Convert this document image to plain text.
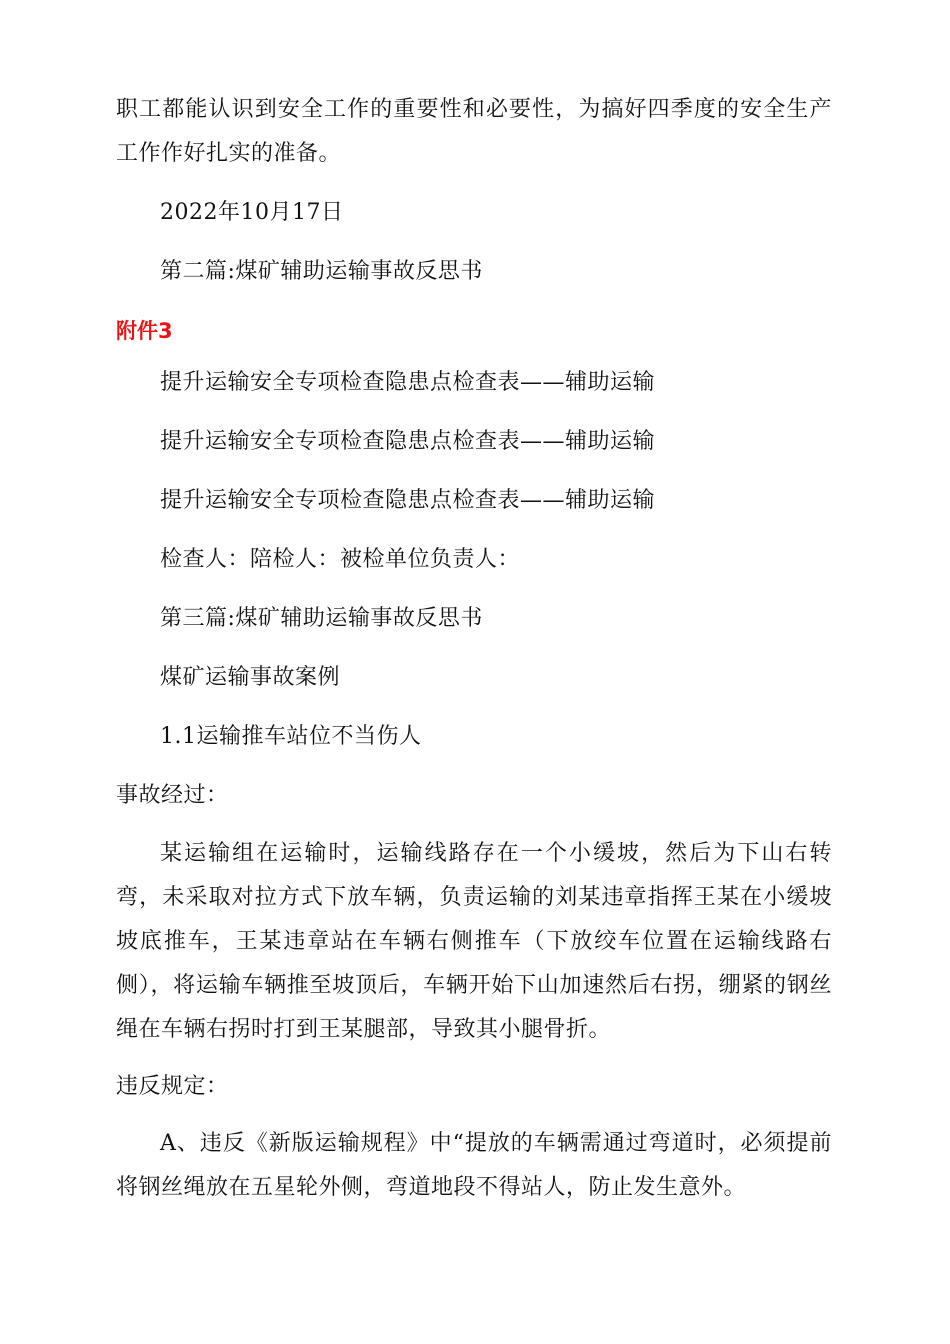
职工都能认识到安全工作的重要性和必要性，为搞好四季度的安全生产工作作好扎实的准备。
2022年10月17日
第二篇:煤矿辅助运输事故反思书
附件3
提升运输安全专项检查隐患点检查表——辅助运输
提升运输安全专项检查隐患点检查表——辅助运输
提升运输安全专项检查隐患点检查表——辅助运输
检查人：陪检人：被检单位负责人：
第三篇:煤矿辅助运输事故反思书
煤矿运输事故案例
1.1运输推车站位不当伤人
事故经过：
某运输组在运输时，运输线路存在一个小缓坡，然后为下山右转弯，未采取对拉方式下放车辆，负责运输的刘某违章指挥王某在小缓坡坡底推车，王某违章站在车辆右侧推车（下放绞车位置在运输线路右侧），将运输车辆推至坡顶后，车辆开始下山加速然后右拐，绷紧的钢丝绳在车辆右拐时打到王某腿部，导致其小腿骨折。
违反规定：
A、违反《新版运输规程》中“提放的车辆需通过弯道时，必须提前将钢丝绳放在五星轮外侧，弯道地段不得站人，防止发生意外。
